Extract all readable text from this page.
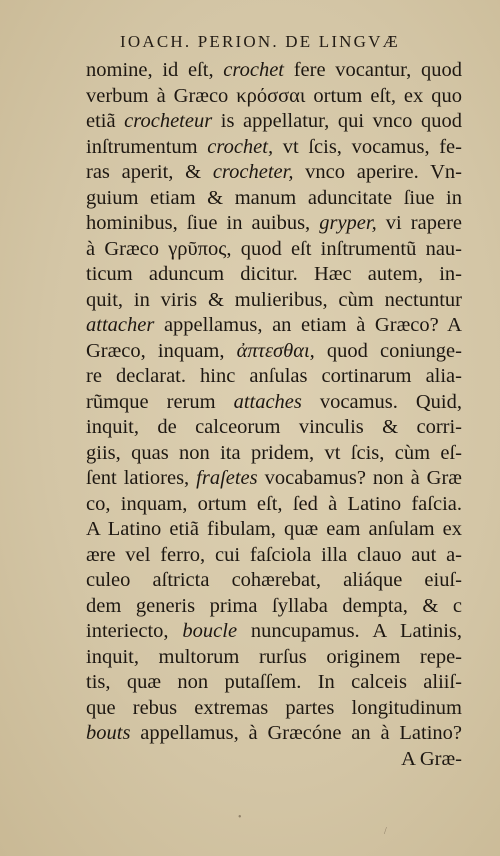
IOACH. PERION. DE LINGVÆ
nomine, id eſt, crochet fere vocantur, quod
verbum à Græco κρόσσαι ortum eſt, ex quo
etiã crocheteur is appellatur, qui vnco quod
inſtrumentum crochet, vt ſcis, vocamus, fe-
ras aperit, & crocheter, vnco aperire. Vn-
guium etiam & manum aduncitate ſiue in
hominibus, ſiue in auibus, gryper, vi rapere
à Græco γρῦπος, quod eſt inſtrumentũ nau-
ticum aduncum dicitur. Hæc autem, in-
quit, in viris & mulieribus, cùm nectuntur
attacher appellamus, an etiam à Græco? A
Græco, inquam, ἀπτεσθαι, quod coniunge-
re declarat. hinc anſulas cortinarum alia-
rũmque rerum attaches vocamus. Quid,
inquit, de calceorum vinculis & corri-
giis, quas non ita pridem, vt ſcis, cùm eſ-
ſent latiores, fraſetes vocabamus? non à Græ
co, inquam, ortum eſt, ſed à Latino faſcia.
A Latino etiã fibulam, quæ eam anſulam ex
ære vel ferro, cui faſciola illa clauo aut a-
culeo aſtricta cohærebat, aliáque eiuſ-
dem generis prima ſyllaba dempta, & c
interiecto, boucle nuncupamus. A Latinis,
inquit, multorum rurſus originem repe-
tis, quæ non putaſſem. In calceis aliiſ-
que rebus extremas partes longitudinum
bouts appellamus, à Græcóne an à Latino?
A Græ-
•
/
